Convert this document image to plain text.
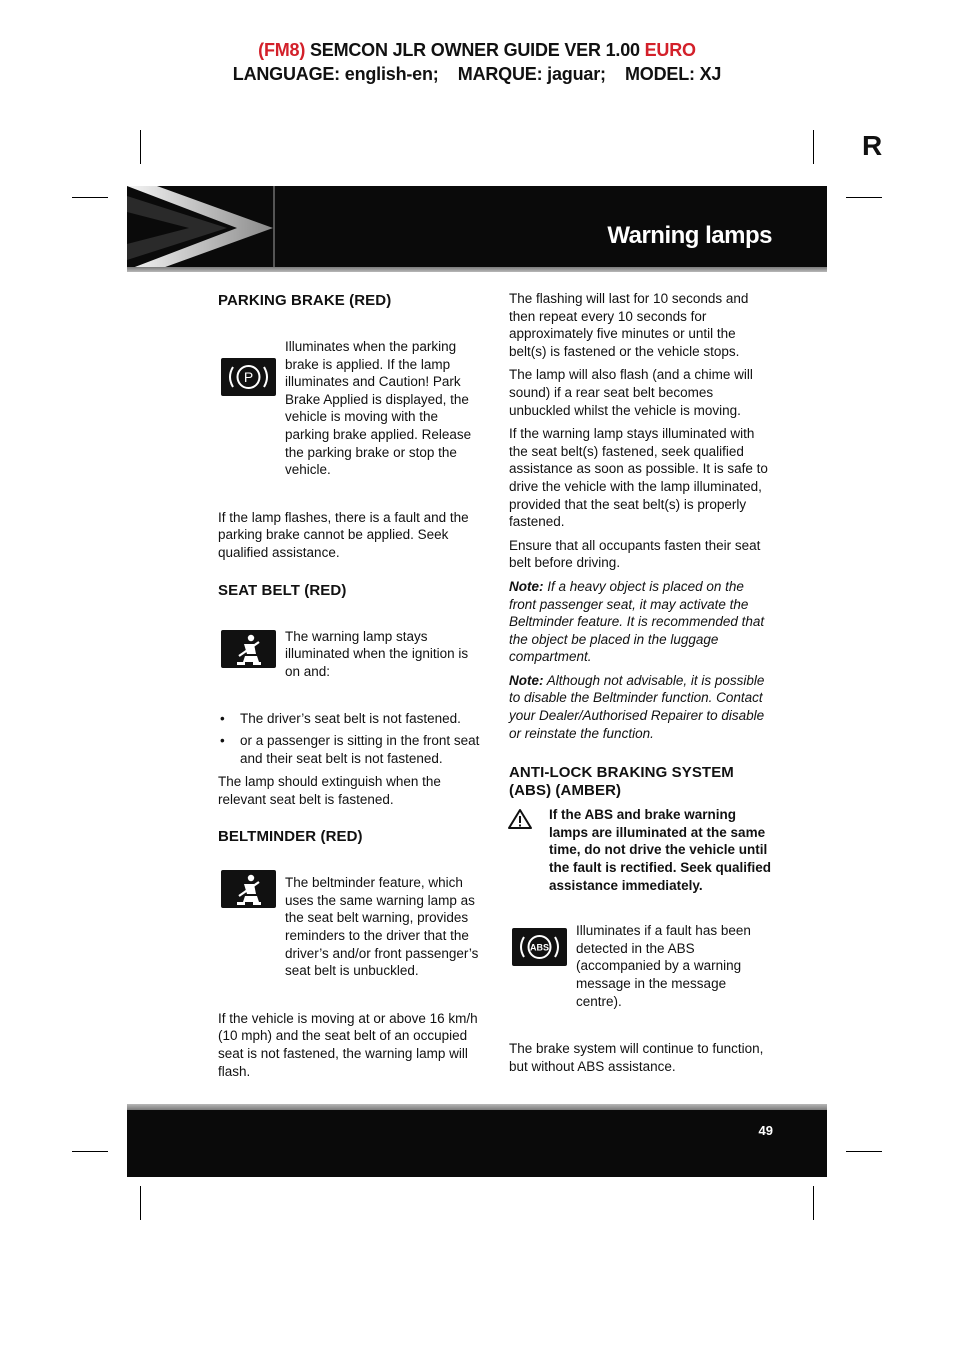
(FM8) SEMCON JLR OWNER GUIDE VER 1.00 EURO
LANGUAGE: english-en;    MARQUE: jaguar;    MODEL: XJ
R
Warning lamps
PARKING BRAKE (RED)
P
Illuminates when the parking brake is applied. If the lamp illuminates and Caution! Park Brake Applied is displayed, the vehicle is moving with the parking brake applied. Release the parking brake or stop the vehicle.

If the lamp flashes, there is a fault and the parking brake cannot be applied. Seek qualified assistance.

SEAT BELT (RED)
The warning lamp stays illuminated when the ignition is on and:
• The driver’s seat belt is not fastened.
• or a passenger is sitting in the front seat and their seat belt is not fastened.

The lamp should extinguish when the relevant seat belt is fastened.

BELTMINDER (RED)
The beltminder feature, which uses the same warning lamp as the seat belt warning, provides reminders to the driver that the driver’s and/or front passenger’s seat belt is unbuckled.

If the vehicle is moving at or above 16 km/h (10 mph) and the seat belt of an occupied seat is not fastened, the warning lamp will flash.

The flashing will last for 10 seconds and then repeat every 10 seconds for approximately five minutes or until the belt(s) is fastened or the vehicle stops.

The lamp will also flash (and a chime will sound) if a rear seat belt becomes unbuckled whilst the vehicle is moving.

If the warning lamp stays illuminated with the seat belt(s) fastened, seek qualified assistance as soon as possible. It is safe to drive the vehicle with the lamp illuminated, provided that the seat belt(s) is properly fastened.

Ensure that all occupants fasten their seat belt before driving.

Note: If a heavy object is placed on the front passenger seat, it may activate the Beltminder feature. It is recommended that the object be placed in the luggage compartment.

Note: Although not advisable, it is possible to disable the Beltminder function. Contact your Dealer/Authorised Repairer to disable or reinstate the function.

ANTI-LOCK BRAKING SYSTEM (ABS) (AMBER)
If the ABS and brake warning lamps are illuminated at the same time, do not drive the vehicle until the fault is rectified. Seek qualified assistance immediately.
ABS
Illuminates if a fault has been detected in the ABS (accompanied by a warning message in the message centre).

The brake system will continue to function, but without ABS assistance.

49
